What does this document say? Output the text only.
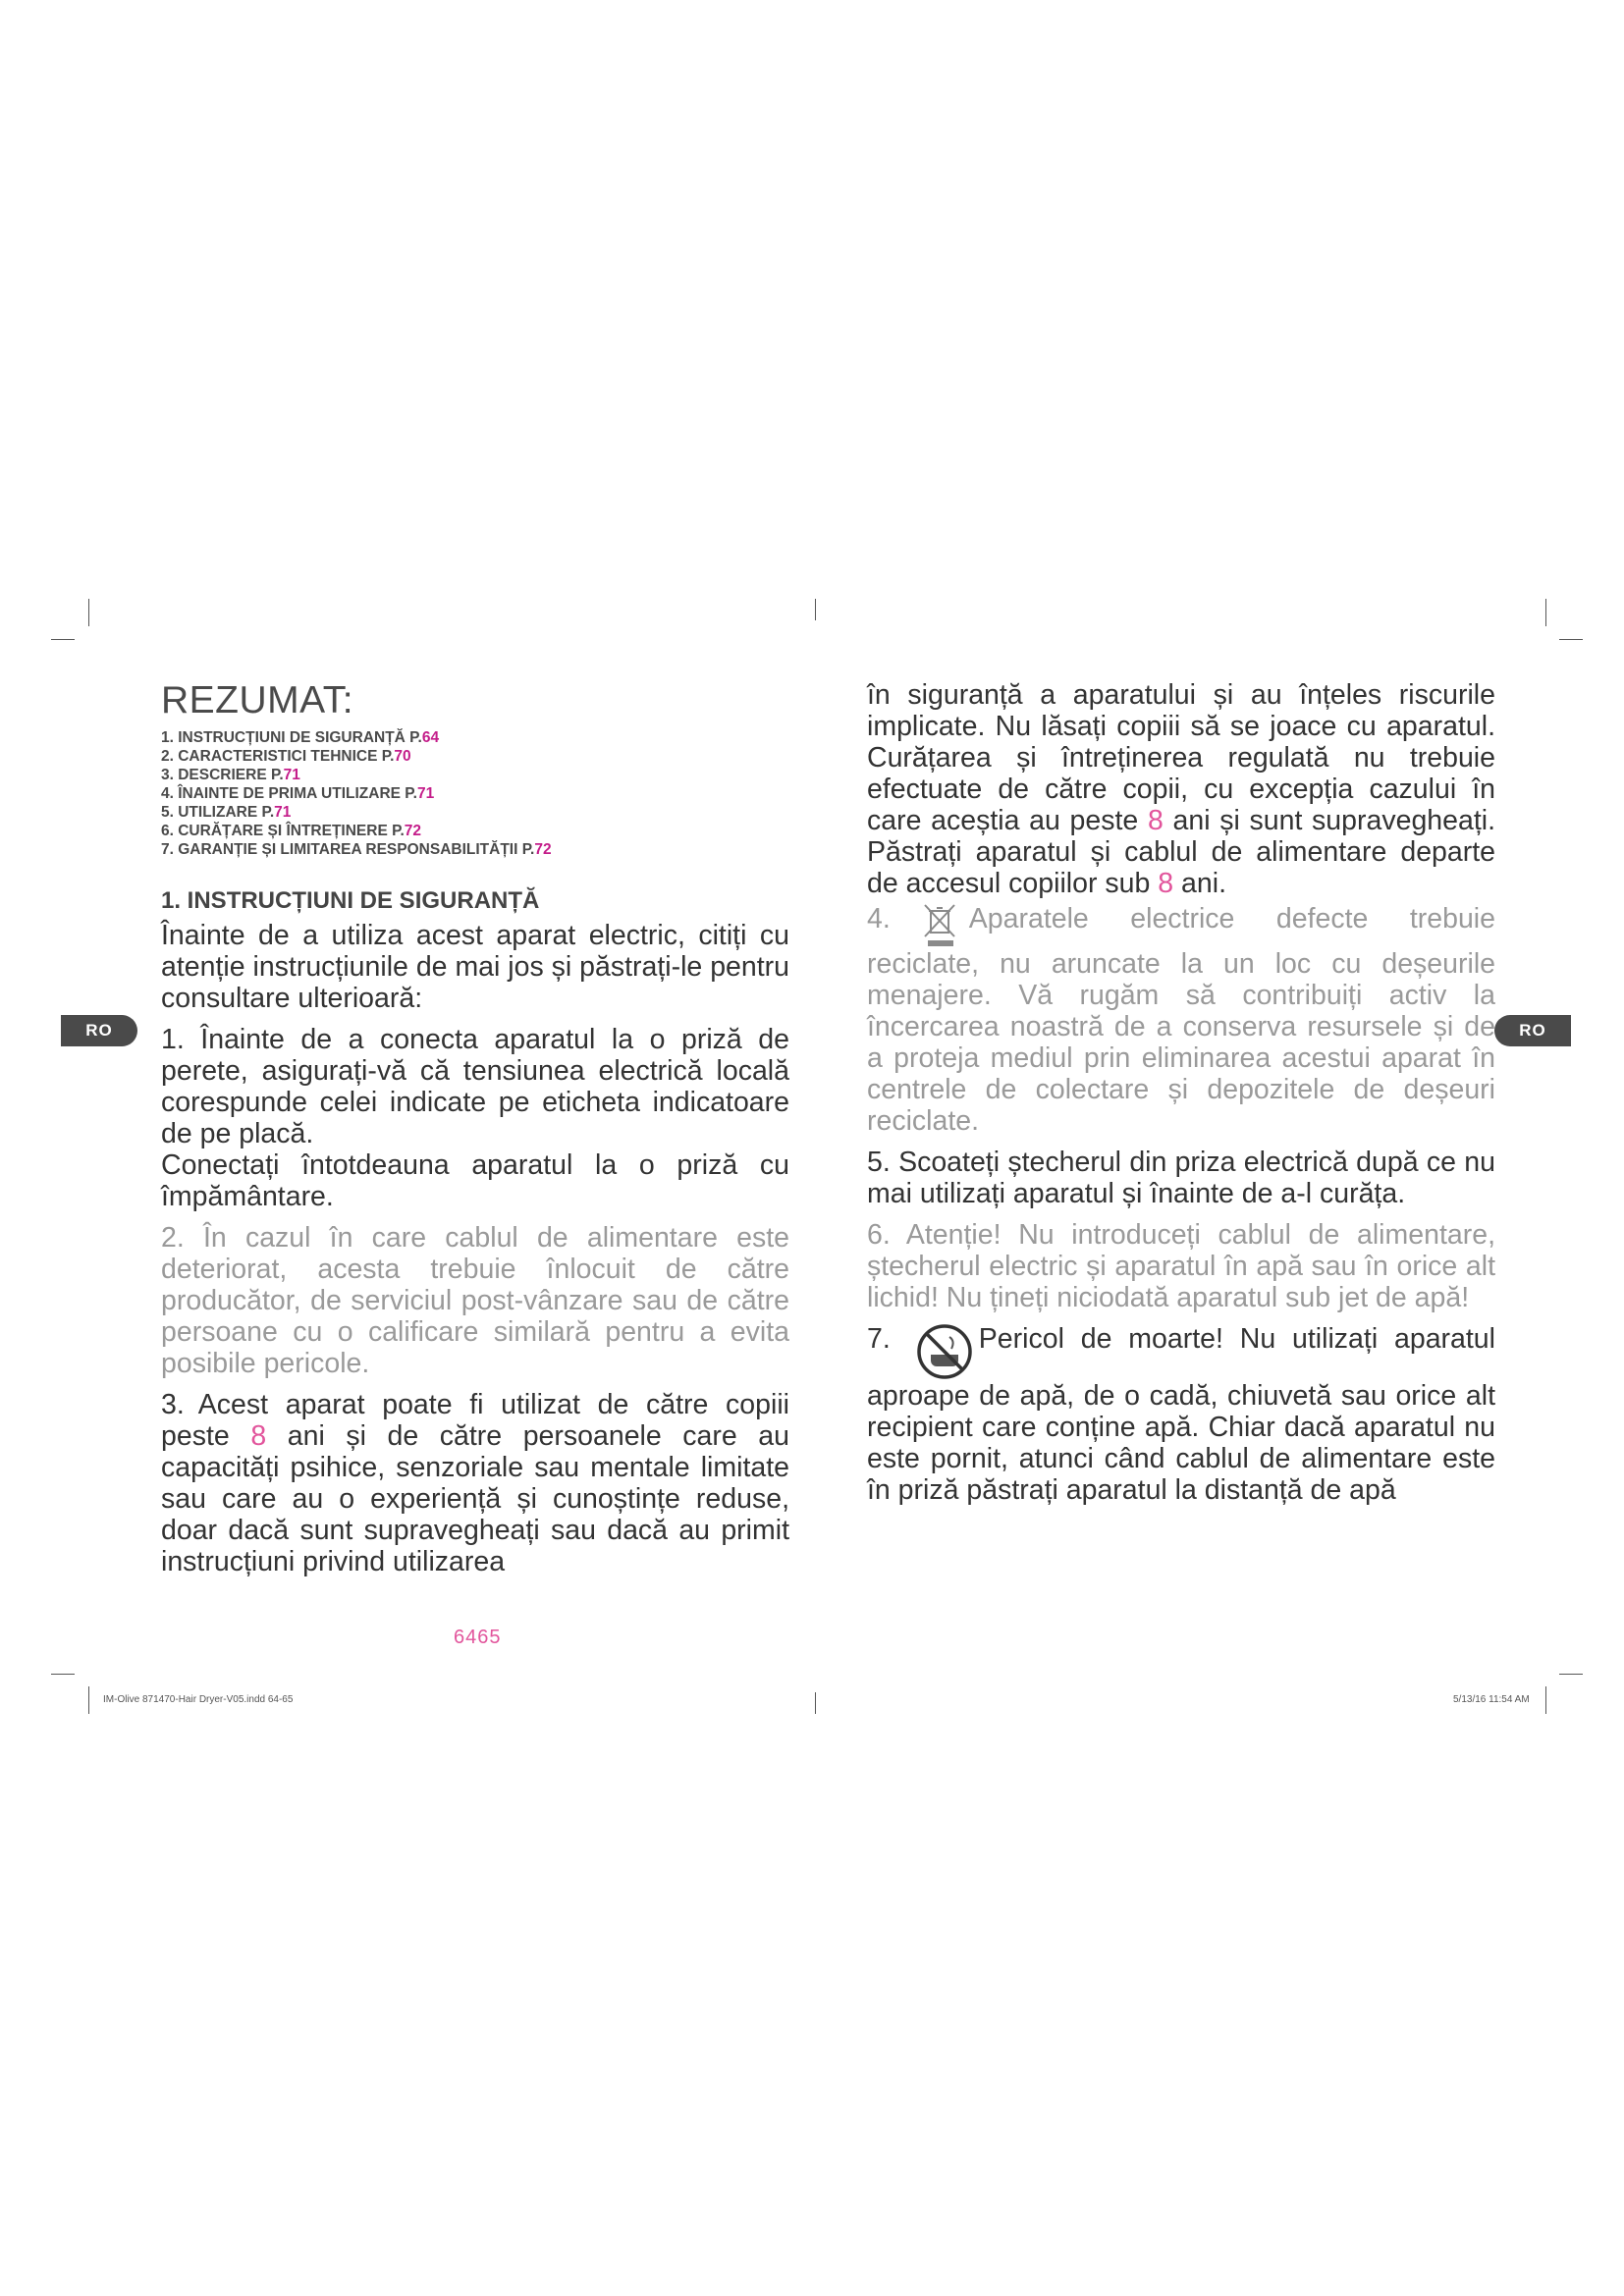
RO	RO
REZUMAT:
1. INSTRUCȚIUNI DE SIGURANȚĂ P.64
2. CARACTERISTICI TEHNICE P.70
3. DESCRIERE P.71
4. ÎNAINTE DE PRIMA UTILIZARE P.71
5. UTILIZARE P.71
6. CURĂȚARE ȘI ÎNTREȚINERE P.72
7. GARANȚIE ȘI LIMITAREA RESPONSABILITĂȚII P.72
1. INSTRUCȚIUNI DE SIGURANȚĂ

Înainte de a utiliza acest aparat electric, citiți cu atenție instrucțiunile de mai jos și păstrați-le pentru consultare ulterioară:

1. Înainte de a conecta aparatul la o priză de perete, asigurați-vă că tensiunea electrică locală corespunde celei indicate pe eticheta indicatoare de pe placă.

Conectați întotdeauna aparatul la o priză cu împământare.

2. În cazul în care cablul de alimentare este deteriorat, acesta trebuie înlocuit de către producător, de serviciul post-vânzare sau de către persoane cu o calificare similară pentru a evita posibile pericole.

3. Acest aparat poate fi utilizat de către copiii peste 8 ani și de către persoanele care au capacități psihice, senzoriale sau mentale limitate sau care au o experiență și cunoștințe reduse, doar dacă sunt supravegheați sau dacă au primit instrucțiuni privind utilizarea

în siguranță a aparatului și au înțeles riscurile implicate. Nu lăsați copiii să se joace cu aparatul. Curățarea și întreținerea regulată nu trebuie efectuate de către copii, cu excepția cazului în care aceștia au peste 8 ani și sunt supravegheați. Păstrați aparatul și cablul de alimentare departe de accesul copiilor sub 8 ani.

4.	Aparatele electrice defecte trebuie reciclate, nu aruncate la un loc cu deșeurile menajere. Vă rugăm să contribuiți activ la încercarea noastră de a conserva resursele și de a proteja mediul prin eliminarea acestui aparat în centrele de colectare și depozitele de deșeuri reciclate.

5. Scoateți ștecherul din priza electrică după ce nu mai utilizați aparatul și înainte de a-l curăța.

6. Atenție! Nu introduceți cablul de alimentare, ștecherul electric și aparatul în apă sau în orice alt lichid! Nu țineți niciodată aparatul sub jet de apă!

7.	Pericol de moarte! Nu utilizați aparatul aproape de apă, de o cadă, chiuvetă sau orice alt recipient care conține apă. Chiar dacă aparatul nu este pornit, atunci când cablul de alimentare este în priză păstrați aparatul la distanță de apă

6465
IM-Olive 871470-Hair Dryer-V05.indd 64-65	5/13/16 11:54 AM
